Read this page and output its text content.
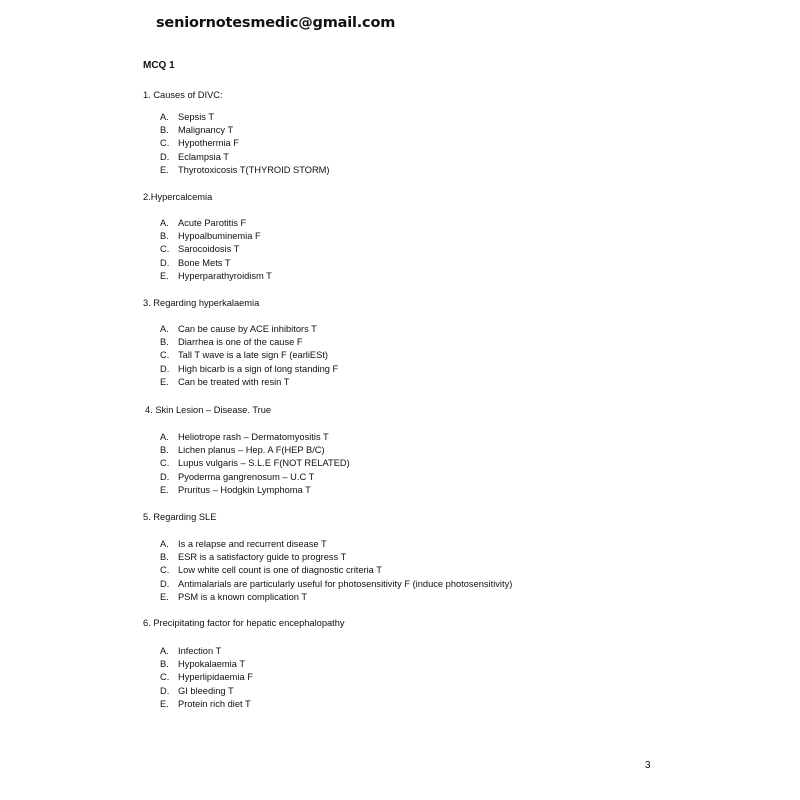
seniornotesmedic@gmail.com
MCQ 1
1. Causes of DIVC:
A. Sepsis T
B. Malignancy T
C. Hypothermia F
D. Eclampsia T
E. Thyrotoxicosis T(THYROID STORM)
2.Hypercalcemia
A. Acute Parotitis F
B. Hypoalbuminemia F
C. Sarocoidosis T
D. Bone Mets T
E. Hyperparathyroidism T
3. Regarding hyperkalaemia
A. Can be cause by ACE inhibitors T
B. Diarrhea is one of the cause F
C. Tall T wave is a late sign F (earliESt)
D. High bicarb is a sign of long standing F
E. Can be treated with resin T
4. Skin Lesion – Disease. True
A. Heliotrope rash – Dermatomyositis T
B. Lichen planus – Hep. A F(HEP B/C)
C. Lupus vulgaris – S.L.E F(NOT RELATED)
D. Pyoderma gangrenosum – U.C T
E. Pruritus – Hodgkin Lymphoma T
5. Regarding SLE
A. Is a relapse and recurrent disease T
B. ESR is a satisfactory guide to progress T
C. Low white cell count is one of diagnostic criteria T
D. Antimalarials are particularly useful for photosensitivity F (induce photosensitivity)
E. PSM is a known complication T
6. Precipitating factor for hepatic encephalopathy
A. Infection T
B. Hypokalaemia T
C. Hyperlipidaemia F
D. GI bleeding T
E. Protein rich diet T
3
